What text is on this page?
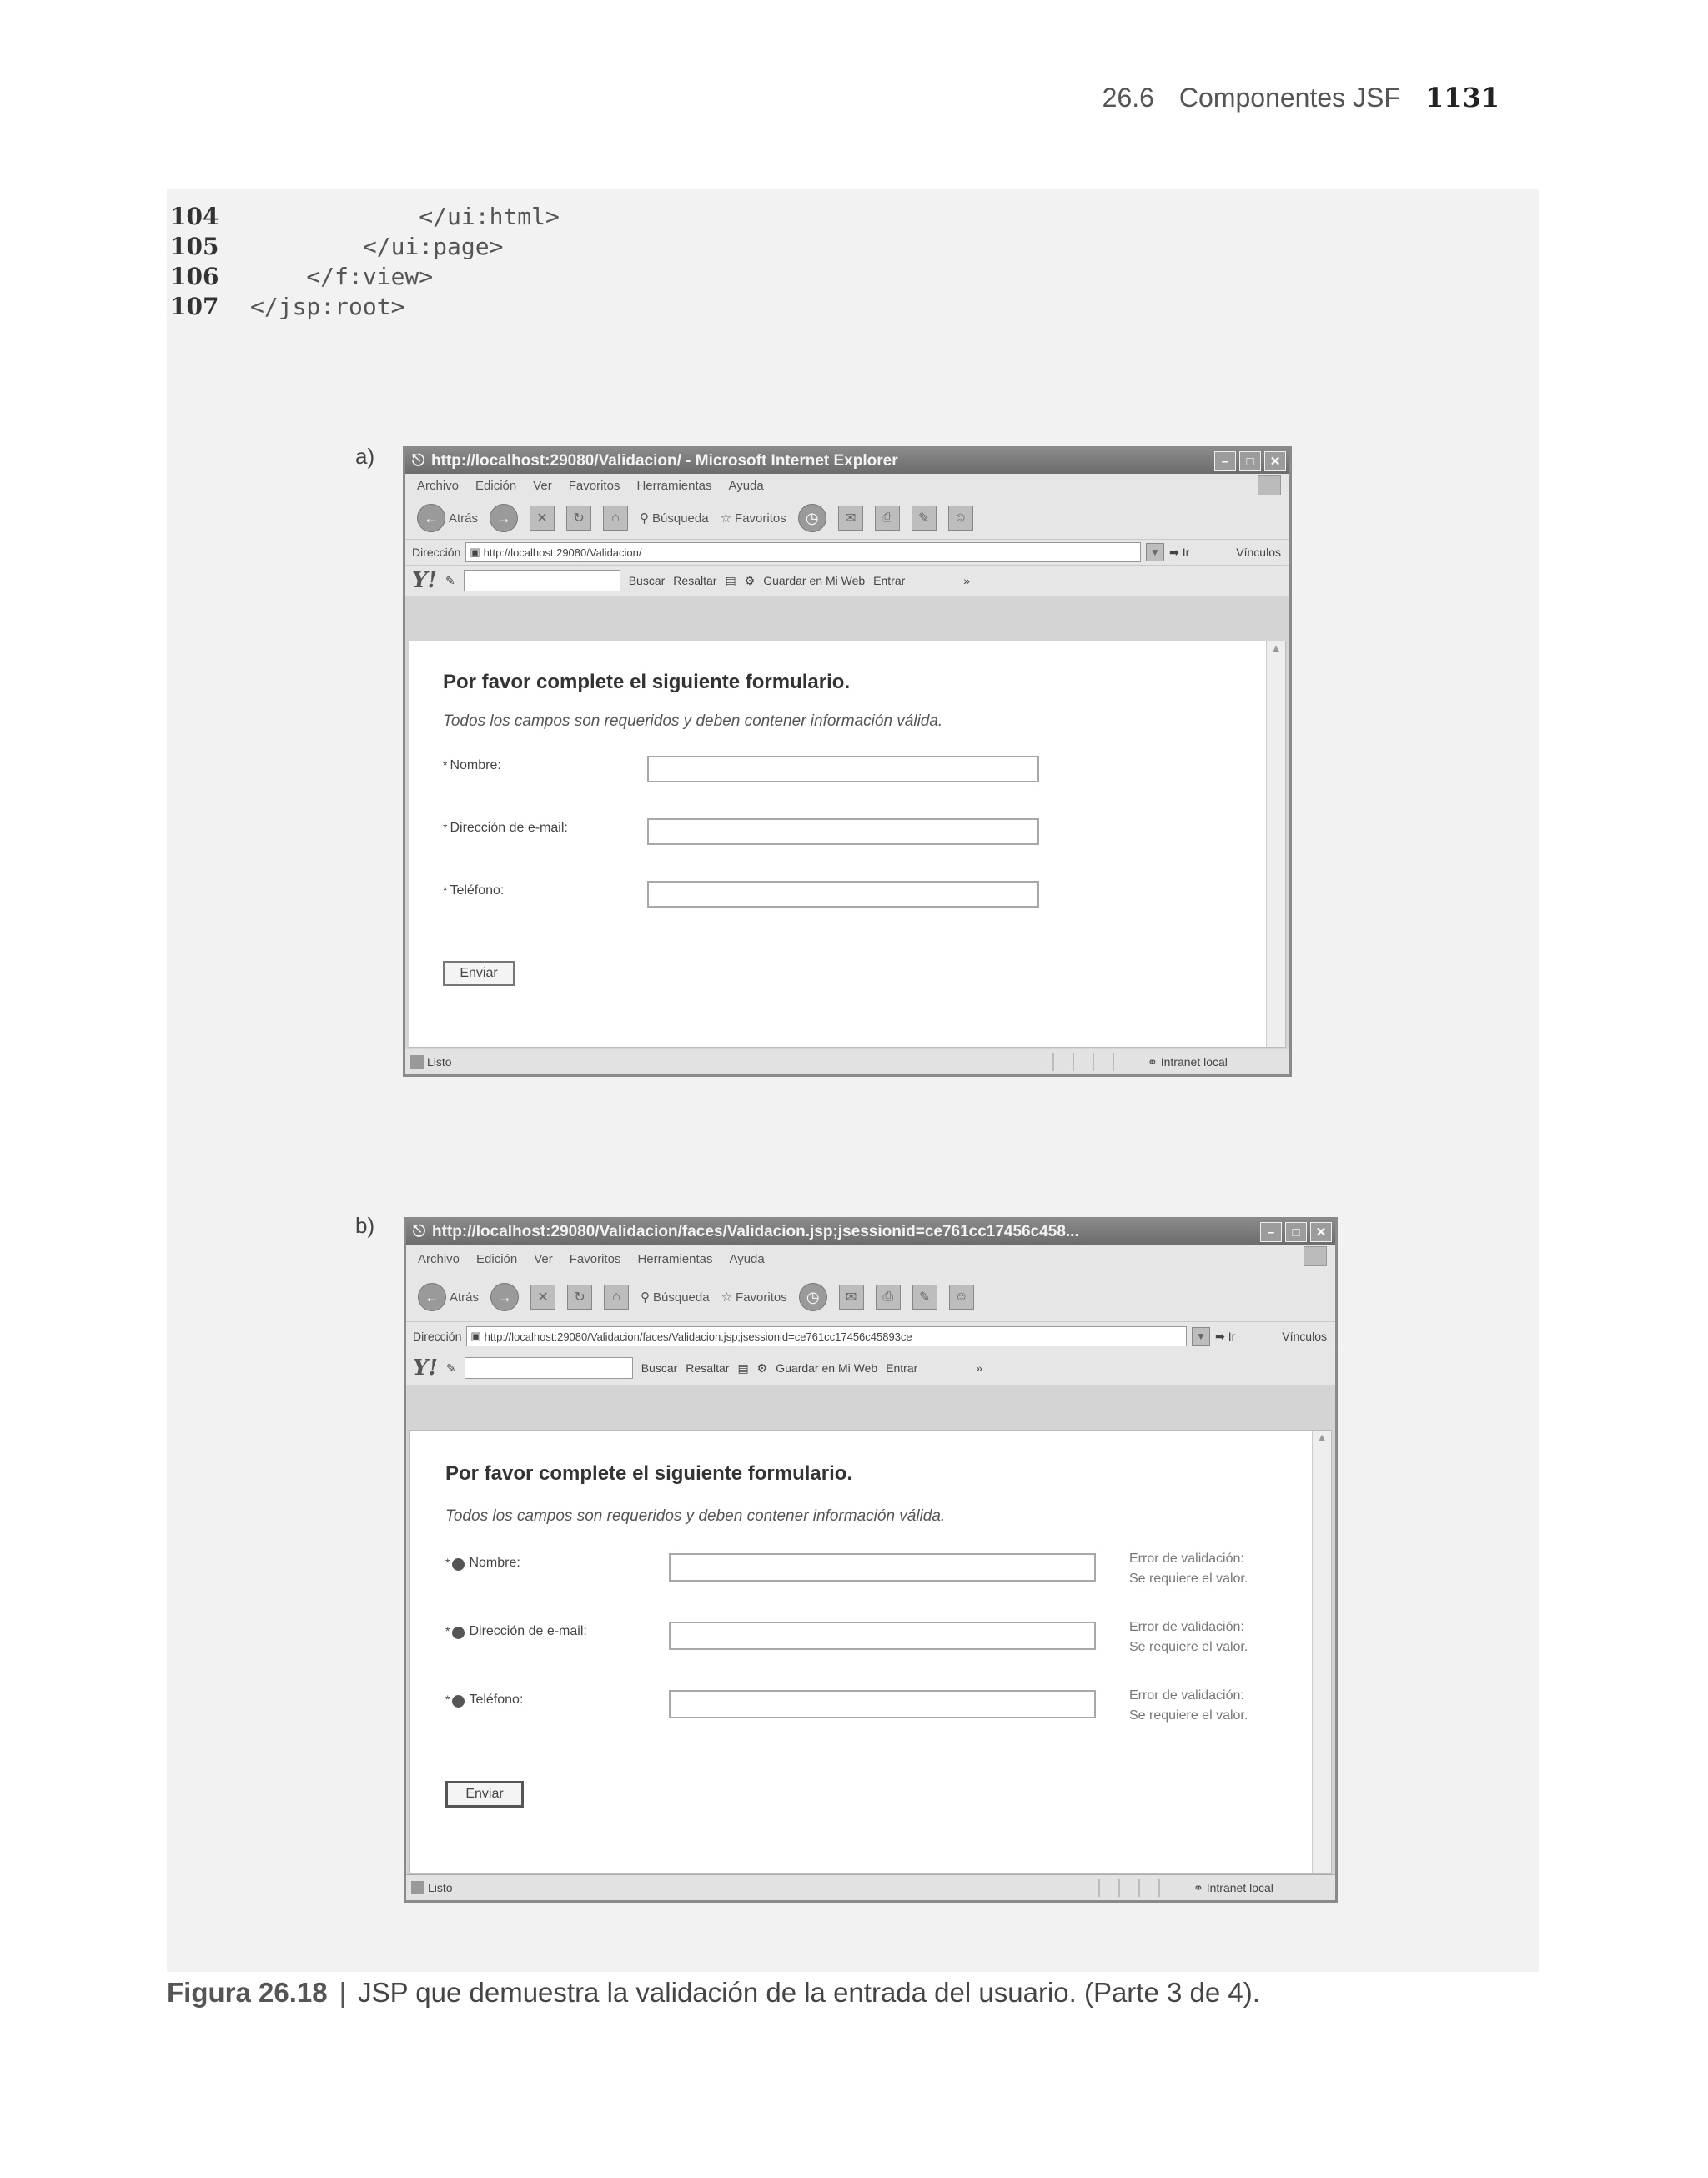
26.6 Componentes JSF 1131
104	</ui:html>
105	</ui:page>
106	</f:view>
107	</jsp:root>
a) ⎋ http://localhost:29080/Validacion/ - Microsoft Internet Explorer	–	□	✕
Archivo Edición Ver Favoritos Herramientas Ayuda
← Atrás	→	✕	↻	⌂	⚲ Búsqueda ☆ Favoritos	◷	✉	⎙	✎	☺
Dirección ▣ http://localhost:29080/Validacion/	▼ ➡ Ir	Vínculos
Y! ✎	Buscar Resaltar ▤ ⚙ Guardar en Mi Web Entrar	»
Por favor complete el siguiente formulario.
Todos los campos son requeridos y deben contener información válida.
* Nombre:
* Dirección de e-mail:
* Teléfono:
Enviar
▲
Listo	⚭ Intranet local
b) ⎋ http://localhost:29080/Validacion/faces/Validacion.jsp;jsessionid=ce761cc17456c458...	–	□	✕
Archivo Edición Ver Favoritos Herramientas Ayuda
← Atrás	→	✕	↻	⌂	⚲ Búsqueda ☆ Favoritos	◷	✉	⎙	✎	☺
Dirección ▣ http://localhost:29080/Validacion/faces/Validacion.jsp;jsessionid=ce761cc17456c45893ce	▼ ➡ Ir	Vínculos
Y! ✎	Buscar Resaltar ▤ ⚙ Guardar en Mi Web Entrar	»
Por favor complete el siguiente formulario.
Todos los campos son requeridos y deben contener información válida.
* Nombre:	Error de validación:
Se requiere el valor.
* Dirección de e-mail:	Error de validación:
Se requiere el valor.
* Teléfono:	Error de validación:
Se requiere el valor.
Enviar
▲
Listo	⚭ Intranet local
Figura 26.18 | JSP que demuestra la validación de la entrada del usuario. (Parte 3 de 4).
